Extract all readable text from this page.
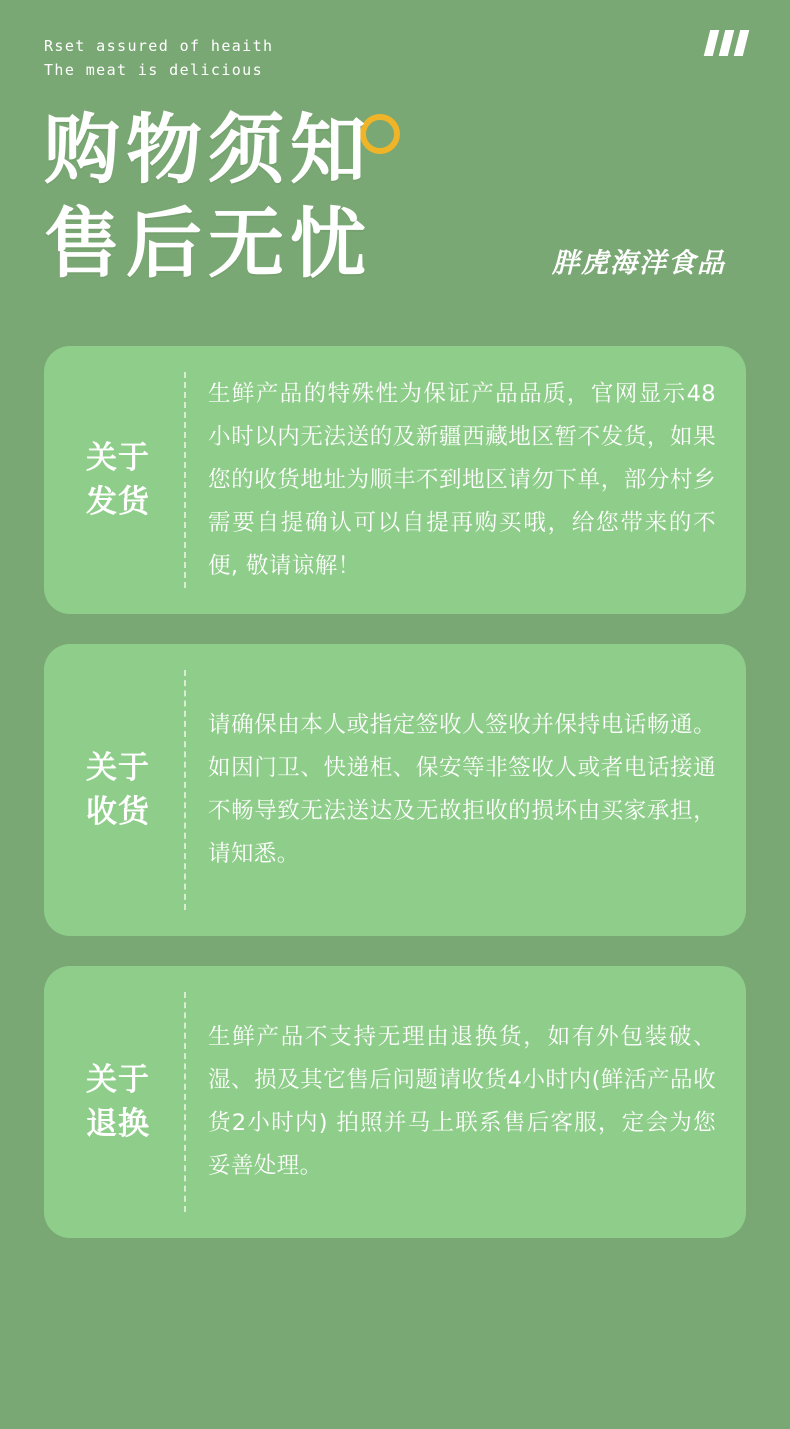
Rset assured of heaith
The meat is delicious
购物须知
售后无忧	胖虎海洋食品
关于
发货
生鲜产品的特殊性为保证产品品质，官网显示48小时以内无法送的及新疆西藏地区暂不发货，如果您的收货地址为顺丰不到地区请勿下单，部分村乡需要自提确认可以自提再购买哦，给您带来的不便, 敬请谅解！
关于
收货
请确保由本人或指定签收人签收并保持电话畅通。如因门卫、快递柜、保安等非签收人或者电话接通不畅导致无法送达及无故拒收的损坏由买家承担，请知悉。
关于
退换
生鲜产品不支持无理由退换货，如有外包装破、湿、损及其它售后问题请收货4小时内(鲜活产品收货2小时内) 拍照并马上联系售后客服，定会为您妥善处理。
